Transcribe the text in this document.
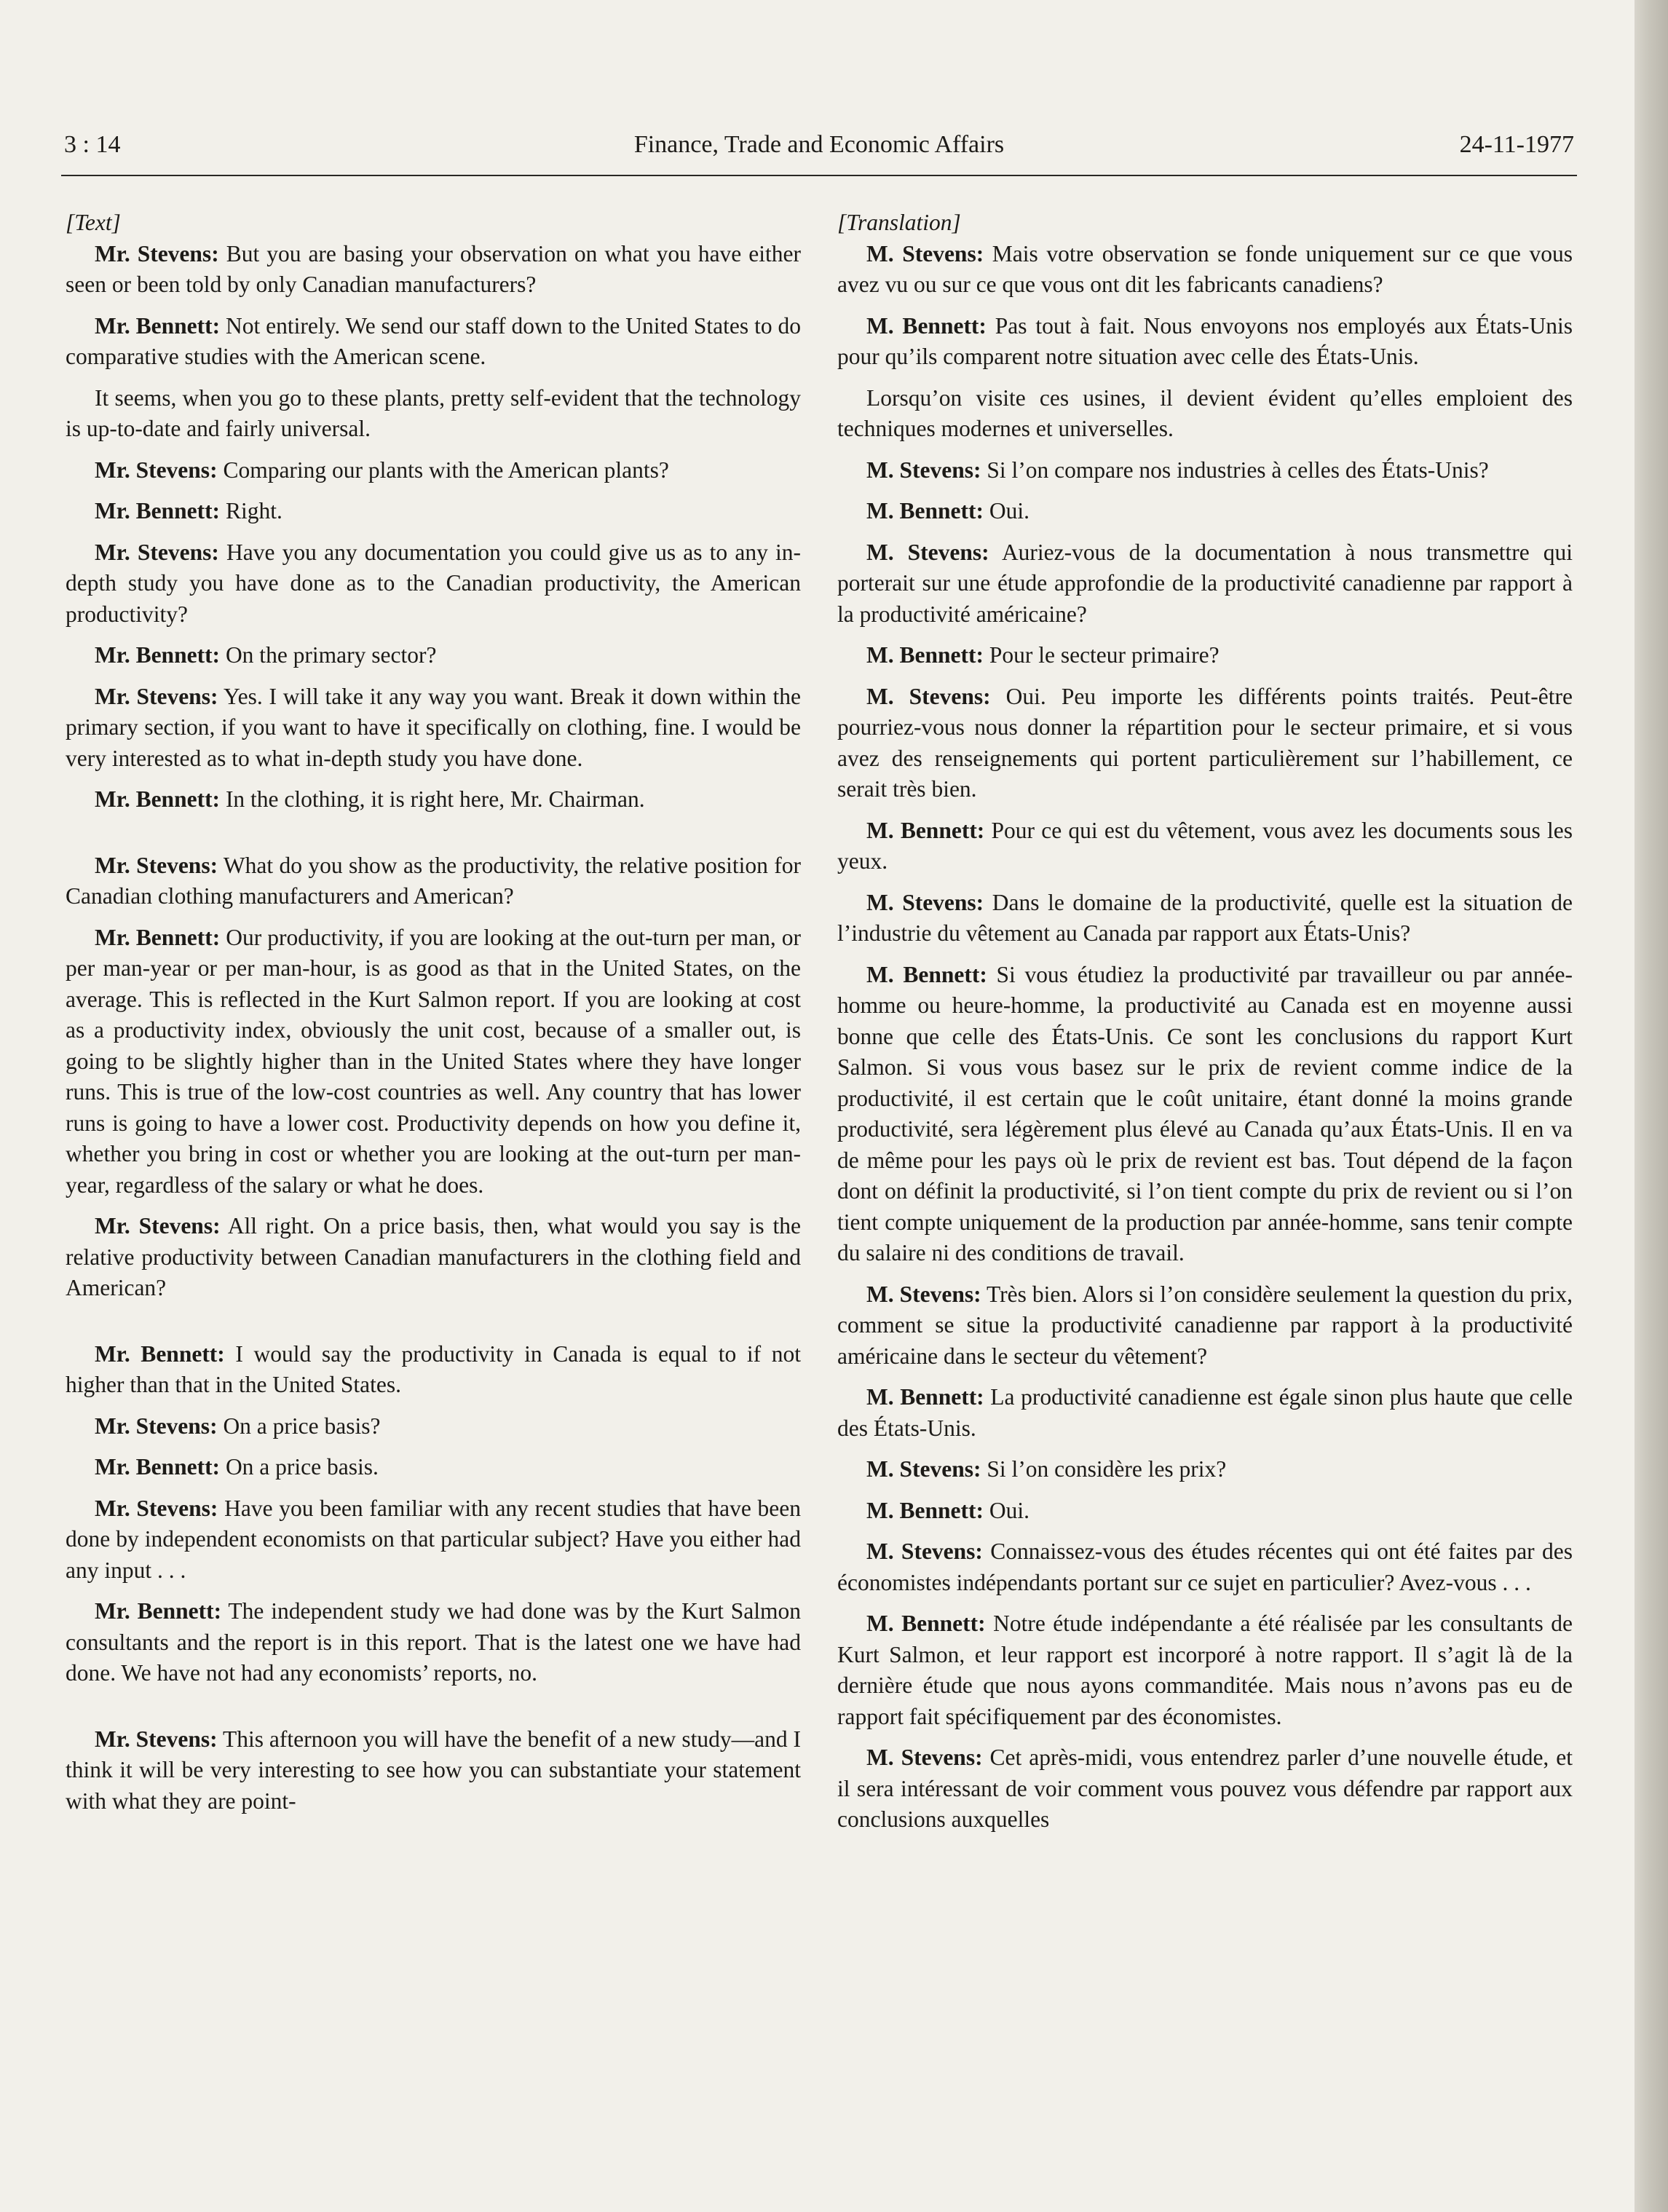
3 : 14	Finance, Trade and Economic Affairs	24-11-1977
[Text]

Mr. Stevens: But you are basing your observation on what you have either seen or been told by only Canadian manufacturers?

Mr. Bennett: Not entirely. We send our staff down to the United States to do comparative studies with the American scene.

It seems, when you go to these plants, pretty self-evident that the technology is up-to-date and fairly universal.

Mr. Stevens: Comparing our plants with the American plants?

Mr. Bennett: Right.

Mr. Stevens: Have you any documentation you could give us as to any in-depth study you have done as to the Canadian productivity, the American productivity?

Mr. Bennett: On the primary sector?

Mr. Stevens: Yes. I will take it any way you want. Break it down within the primary section, if you want to have it specifically on clothing, fine. I would be very interested as to what in-depth study you have done.

Mr. Bennett: In the clothing, it is right here, Mr. Chairman.

Mr. Stevens: What do you show as the productivity, the relative position for Canadian clothing manufacturers and American?

Mr. Bennett: Our productivity, if you are looking at the out-turn per man, or per man-year or per man-hour, is as good as that in the United States, on the average. This is reflected in the Kurt Salmon report. If you are looking at cost as a productivity index, obviously the unit cost, because of a smaller out, is going to be slightly higher than in the United States where they have longer runs. This is true of the low-cost countries as well. Any country that has lower runs is going to have a lower cost. Productivity depends on how you define it, whether you bring in cost or whether you are looking at the out-turn per man-year, regardless of the salary or what he does.

Mr. Stevens: All right. On a price basis, then, what would you say is the relative productivity between Canadian manufacturers in the clothing field and American?

Mr. Bennett: I would say the productivity in Canada is equal to if not higher than that in the United States.

Mr. Stevens: On a price basis?

Mr. Bennett: On a price basis.

Mr. Stevens: Have you been familiar with any recent studies that have been done by independent economists on that particular subject? Have you either had any input . . .

Mr. Bennett: The independent study we had done was by the Kurt Salmon consultants and the report is in this report. That is the latest one we have had done. We have not had any economists’ reports, no.

Mr. Stevens: This afternoon you will have the benefit of a new study—and I think it will be very interesting to see how you can substantiate your statement with what they are point-

[Translation]

M. Stevens: Mais votre observation se fonde uniquement sur ce que vous avez vu ou sur ce que vous ont dit les fabricants canadiens?

M. Bennett: Pas tout à fait. Nous envoyons nos employés aux États-Unis pour qu’ils comparent notre situation avec celle des États-Unis.

Lorsqu’on visite ces usines, il devient évident qu’elles emploient des techniques modernes et universelles.

M. Stevens: Si l’on compare nos industries à celles des États-Unis?

M. Bennett: Oui.

M. Stevens: Auriez-vous de la documentation à nous transmettre qui porterait sur une étude approfondie de la productivité canadienne par rapport à la productivité américaine?

M. Bennett: Pour le secteur primaire?

M. Stevens: Oui. Peu importe les différents points traités. Peut-être pourriez-vous nous donner la répartition pour le secteur primaire, et si vous avez des renseignements qui portent particulièrement sur l’habillement, ce serait très bien.

M. Bennett: Pour ce qui est du vêtement, vous avez les documents sous les yeux.

M. Stevens: Dans le domaine de la productivité, quelle est la situation de l’industrie du vêtement au Canada par rapport aux États-Unis?

M. Bennett: Si vous étudiez la productivité par travailleur ou par année-homme ou heure-homme, la productivité au Canada est en moyenne aussi bonne que celle des États-Unis. Ce sont les conclusions du rapport Kurt Salmon. Si vous vous basez sur le prix de revient comme indice de la productivité, il est certain que le coût unitaire, étant donné la moins grande productivité, sera légèrement plus élevé au Canada qu’aux États-Unis. Il en va de même pour les pays où le prix de revient est bas. Tout dépend de la façon dont on définit la productivité, si l’on tient compte du prix de revient ou si l’on tient compte uniquement de la production par année-homme, sans tenir compte du salaire ni des conditions de travail.

M. Stevens: Très bien. Alors si l’on considère seulement la question du prix, comment se situe la productivité canadienne par rapport à la productivité américaine dans le secteur du vêtement?

M. Bennett: La productivité canadienne est égale sinon plus haute que celle des États-Unis.

M. Stevens: Si l’on considère les prix?

M. Bennett: Oui.

M. Stevens: Connaissez-vous des études récentes qui ont été faites par des économistes indépendants portant sur ce sujet en particulier? Avez-vous . . .

M. Bennett: Notre étude indépendante a été réalisée par les consultants de Kurt Salmon, et leur rapport est incorporé à notre rapport. Il s’agit là de la dernière étude que nous ayons commanditée. Mais nous n’avons pas eu de rapport fait spécifiquement par des économistes.

M. Stevens: Cet après-midi, vous entendrez parler d’une nouvelle étude, et il sera intéressant de voir comment vous pouvez vous défendre par rapport aux conclusions auxquelles
